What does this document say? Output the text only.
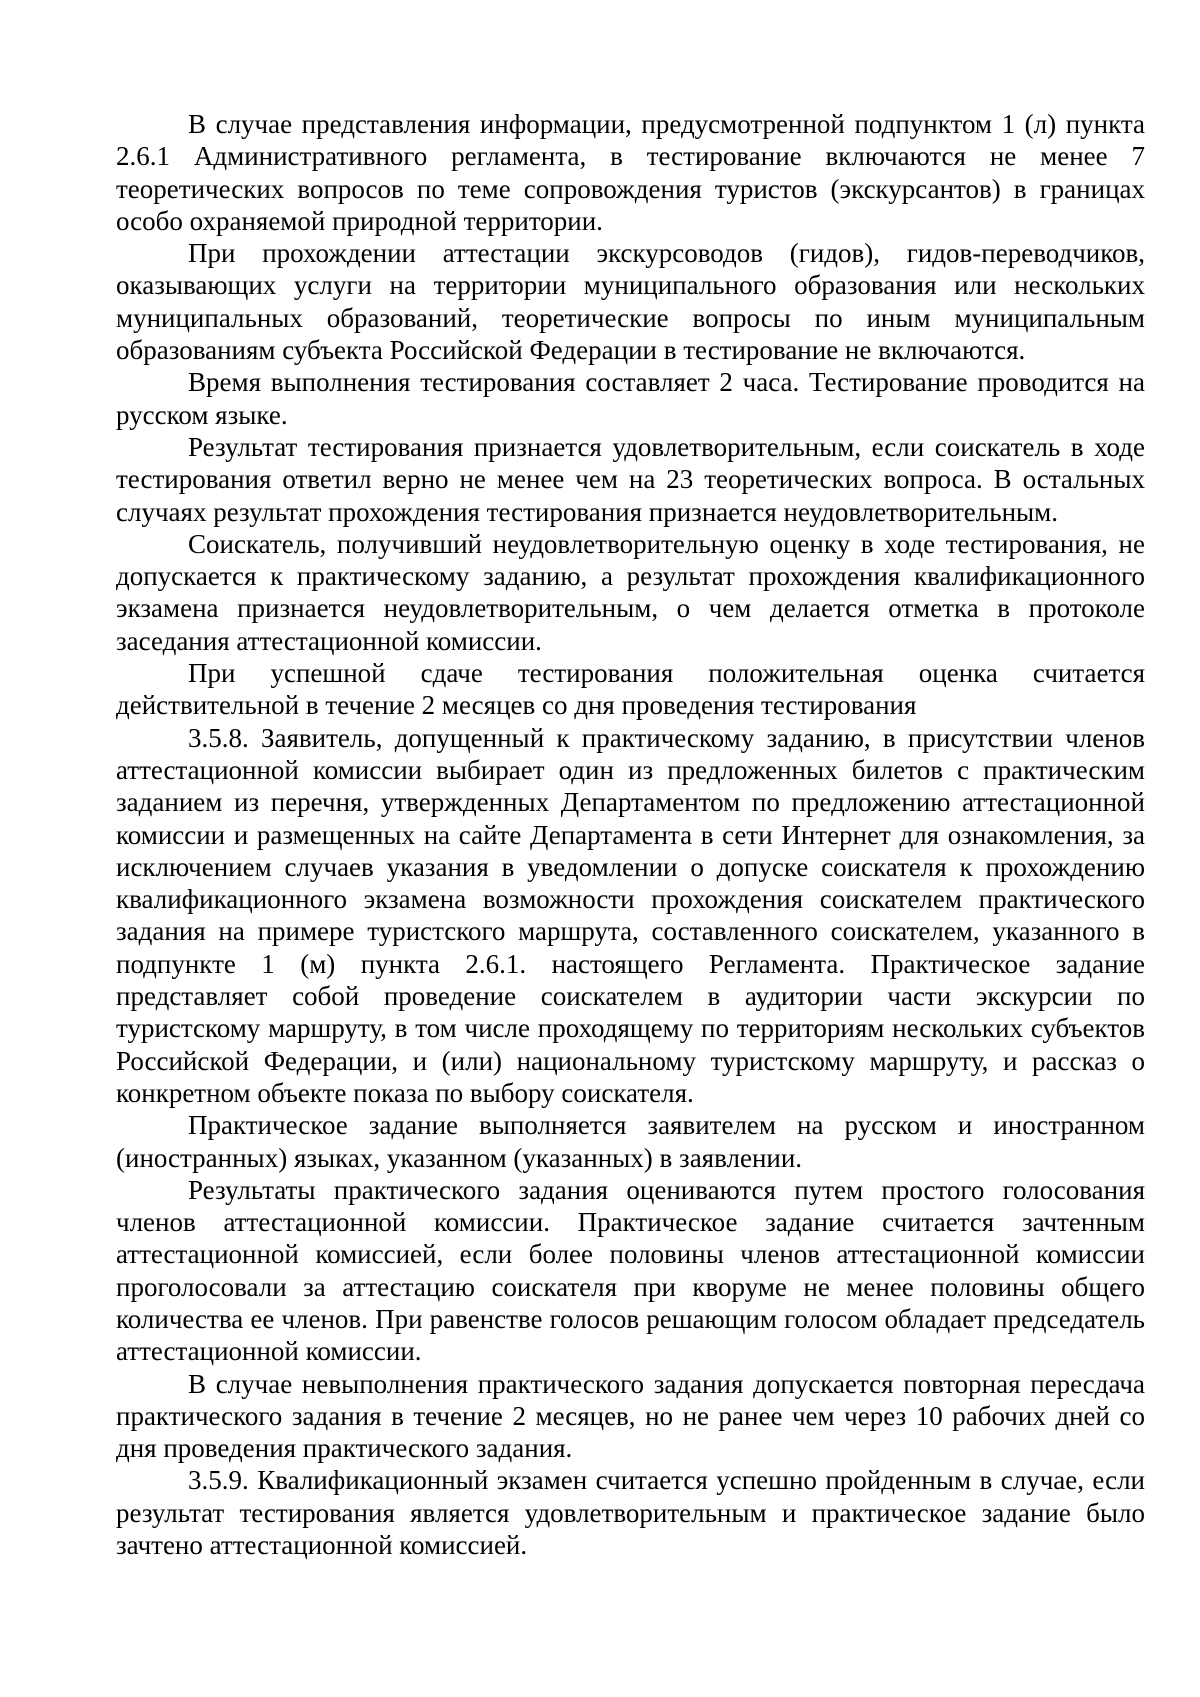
В случае представления информации, предусмотренной подпунктом 1 (л) пункта 2.6.1 Административного регламента, в тестирование включаются не менее 7 теоретических вопросов по теме сопровождения туристов (экскурсантов) в границах особо охраняемой природной территории.

При прохождении аттестации экскурсоводов (гидов), гидов-переводчиков, оказывающих услуги на территории муниципального образования или нескольких муниципальных образований, теоретические вопросы по иным муниципальным образованиям субъекта Российской Федерации в тестирование не включаются.

Время выполнения тестирования составляет 2 часа. Тестирование проводится на русском языке.

Результат тестирования признается удовлетворительным, если соискатель в ходе тестирования ответил верно не менее чем на 23 теоретических вопроса. В остальных случаях результат прохождения тестирования признается неудовлетворительным.

Соискатель, получивший неудовлетворительную оценку в ходе тестирования, не допускается к практическому заданию, а результат прохождения квалификационного экзамена признается неудовлетворительным, о чем делается отметка в протоколе заседания аттестационной комиссии.

При успешной сдаче тестирования положительная оценка считается действительной в течение 2 месяцев со дня проведения тестирования

3.5.8. Заявитель, допущенный к практическому заданию, в присутствии членов аттестационной комиссии выбирает один из предложенных билетов с практическим заданием из перечня, утвержденных Департаментом по предложению аттестационной комиссии и размещенных на сайте Департамента в сети Интернет для ознакомления, за исключением случаев указания в уведомлении о допуске соискателя к прохождению квалификационного экзамена возможности прохождения соискателем практического задания на примере туристского маршрута, составленного соискателем, указанного в подпункте 1 (м) пункта 2.6.1. настоящего Регламента. Практическое задание представляет собой проведение соискателем в аудитории части экскурсии по туристскому маршруту, в том числе проходящему по территориям нескольких субъектов Российской Федерации, и (или) национальному туристскому маршруту, и рассказ о конкретном объекте показа по выбору соискателя.

Практическое задание выполняется заявителем на русском и иностранном (иностранных) языках, указанном (указанных) в заявлении.

Результаты практического задания оцениваются путем простого голосования членов аттестационной комиссии. Практическое задание считается зачтенным аттестационной комиссией, если более половины членов аттестационной комиссии проголосовали за аттестацию соискателя при кворуме не менее половины общего количества ее членов. При равенстве голосов решающим голосом обладает председатель аттестационной комиссии.

В случае невыполнения практического задания допускается повторная пересдача практического задания в течение 2 месяцев, но не ранее чем через 10 рабочих дней со дня проведения практического задания.

3.5.9. Квалификационный экзамен считается успешно пройденным в случае, если результат тестирования является удовлетворительным и практическое задание было зачтено аттестационной комиссией.
